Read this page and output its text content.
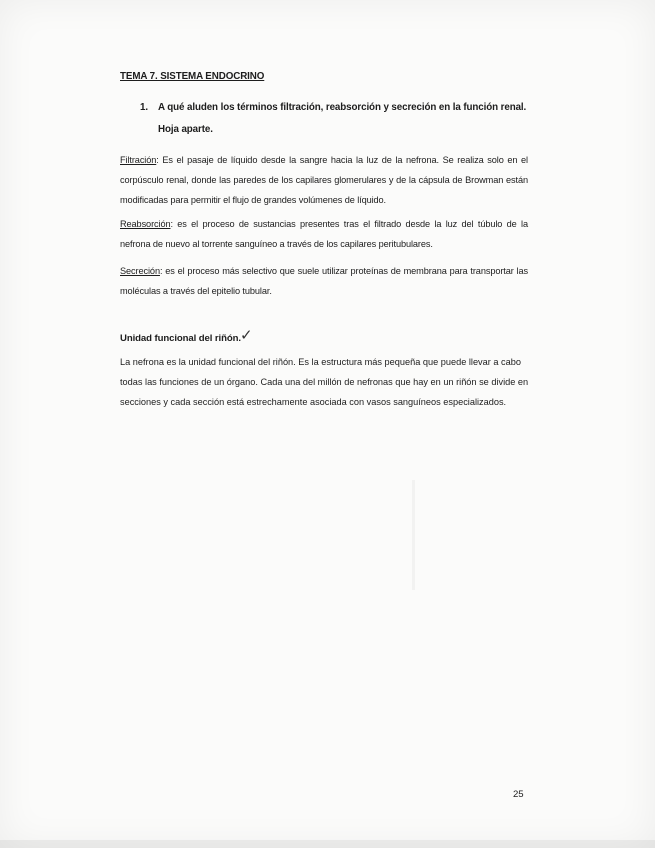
TEMA 7. SISTEMA ENDOCRINO
1. A qué aluden los términos filtración, reabsorción y secreción en la función renal.
Hoja aparte.
Filtración: Es el pasaje de líquido desde la sangre hacia la luz de la nefrona. Se realiza solo en el corpúsculo renal, donde las paredes de los capilares glomerulares y de la cápsula de Browman están modificadas para permitir el flujo de grandes volúmenes de líquido.
Reabsorción: es el proceso de sustancias presentes tras el filtrado desde la luz del túbulo de la nefrona de nuevo al torrente sanguíneo a través de los capilares peritubulares.
Secreción: es el proceso más selectivo que suele utilizar proteínas de membrana para transportar las moléculas a través del epitelio tubular.
Unidad funcional del riñón. ✓
La nefrona es la unidad funcional del riñón. Es la estructura más pequeña que puede llevar a cabo todas las funciones de un órgano. Cada una del millón de nefronas que hay en un riñón se divide en secciones y cada sección está estrechamente asociada con vasos sanguíneos especializados.
25
